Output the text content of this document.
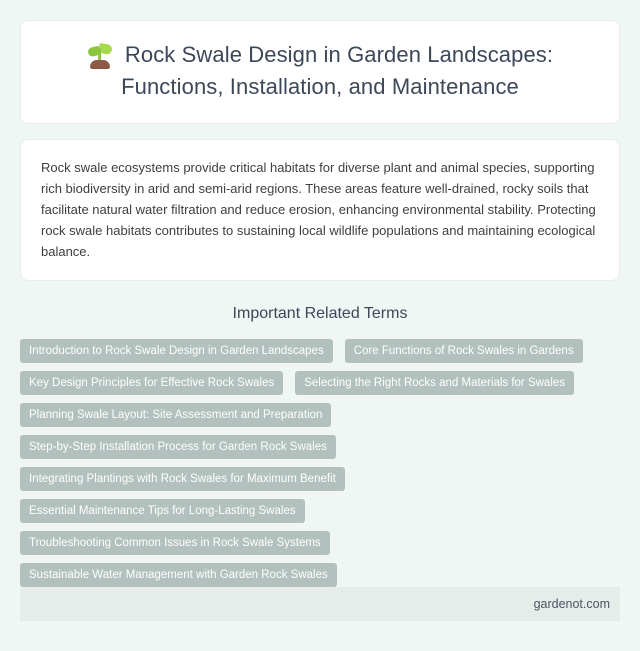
Rock Swale Design in Garden Landscapes:
Functions, Installation, and Maintenance

Rock swale ecosystems provide critical habitats for diverse plant and animal species, supporting rich biodiversity in arid and semi-arid regions. These areas feature well-drained, rocky soils that facilitate natural water filtration and reduce erosion, enhancing environmental stability. Protecting rock swale habitats contributes to sustaining local wildlife populations and maintaining ecological balance.

Important Related Terms
Introduction to Rock Swale Design in Garden Landscapes	Core Functions of Rock Swales in Gardens
Key Design Principles for Effective Rock Swales	Selecting the Right Rocks and Materials for Swales
Planning Swale Layout: Site Assessment and Preparation
Step-by-Step Installation Process for Garden Rock Swales
Integrating Plantings with Rock Swales for Maximum Benefit
Essential Maintenance Tips for Long-Lasting Swales
Troubleshooting Common Issues in Rock Swale Systems
Sustainable Water Management with Garden Rock Swales
gardenot.com
